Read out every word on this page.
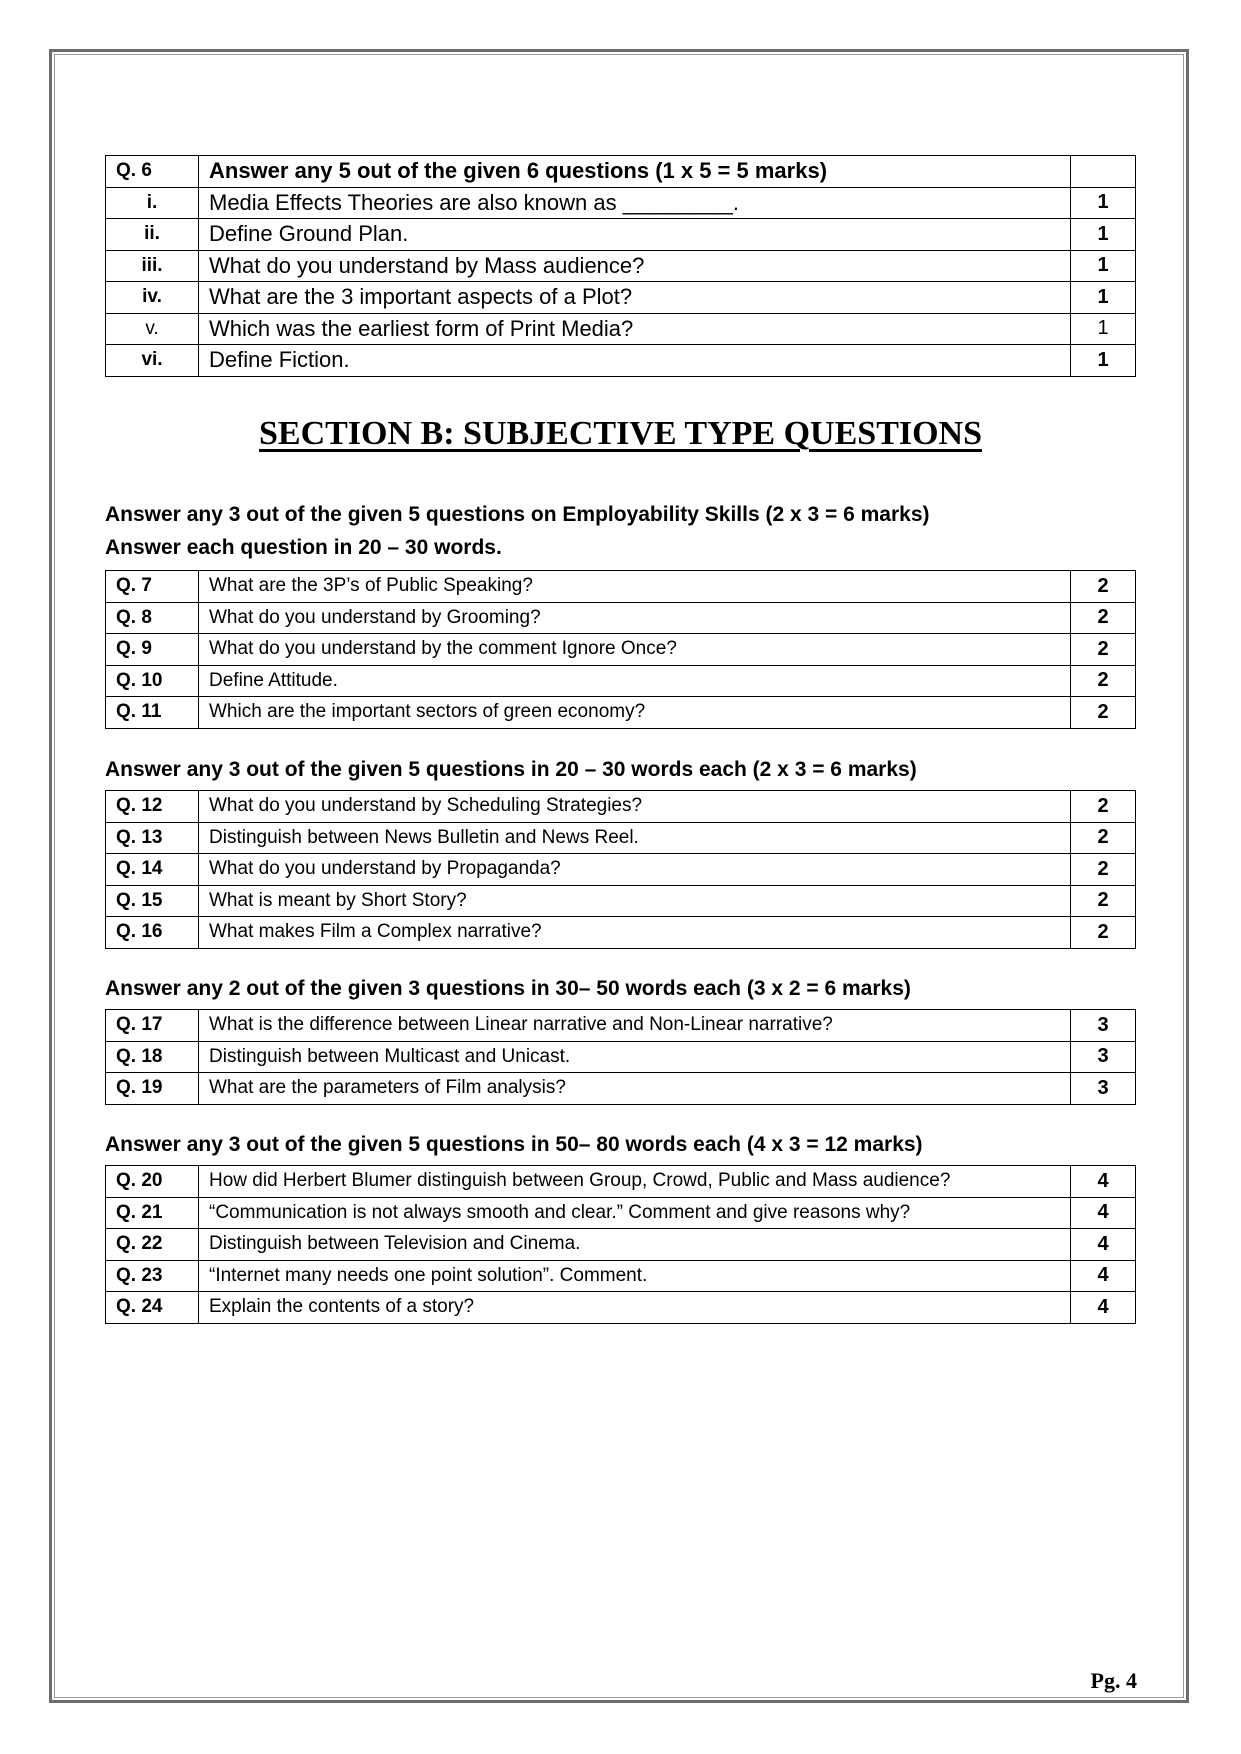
Q. 6	Answer any 5 out of the given 6 questions (1 x 5 = 5 marks)	
i.	Media Effects Theories are also known as _________.	1
ii.	Define Ground Plan.	1
iii.	What do you understand by Mass audience?	1
iv.	What are the 3 important aspects of a Plot?	1
v.	Which was the earliest form of Print Media?	1
vi.	Define Fiction.	1
SECTION B: SUBJECTIVE TYPE QUESTIONS
Answer any 3 out of the given 5 questions on Employability Skills (2 x 3 = 6 marks)
Answer each question in 20 – 30 words.
Q. 7	What are the 3P’s of Public Speaking?	2
Q. 8	What do you understand by Grooming?	2
Q. 9	What do you understand by the comment Ignore Once?	2
Q. 10	Define Attitude.	2
Q. 11	Which are the important sectors of green economy?	2
Answer any 3 out of the given 5 questions in 20 – 30 words each (2 x 3 = 6 marks)
Q. 12	What do you understand by Scheduling Strategies?	2
Q. 13	Distinguish between News Bulletin and News Reel.	2
Q. 14	What do you understand by Propaganda?	2
Q. 15	What is meant by Short Story?	2
Q. 16	What makes Film a Complex narrative?	2
Answer any 2 out of the given 3 questions in 30– 50 words each (3 x 2 = 6 marks)
Q. 17	What is the difference between Linear narrative and Non-Linear narrative?	3
Q. 18	Distinguish between Multicast and Unicast.	3
Q. 19	What are the parameters of Film analysis?	3
Answer any 3 out of the given 5 questions in 50– 80 words each (4 x 3 = 12 marks)
Q. 20	How did Herbert Blumer distinguish between Group, Crowd, Public and Mass audience?	4
Q. 21	“Communication is not always smooth and clear.” Comment and give reasons why?	4
Q. 22	Distinguish between Television and Cinema.	4
Q. 23	“Internet many needs one point solution”. Comment.	4
Q. 24	Explain the contents of a story?	4
Pg. 4
